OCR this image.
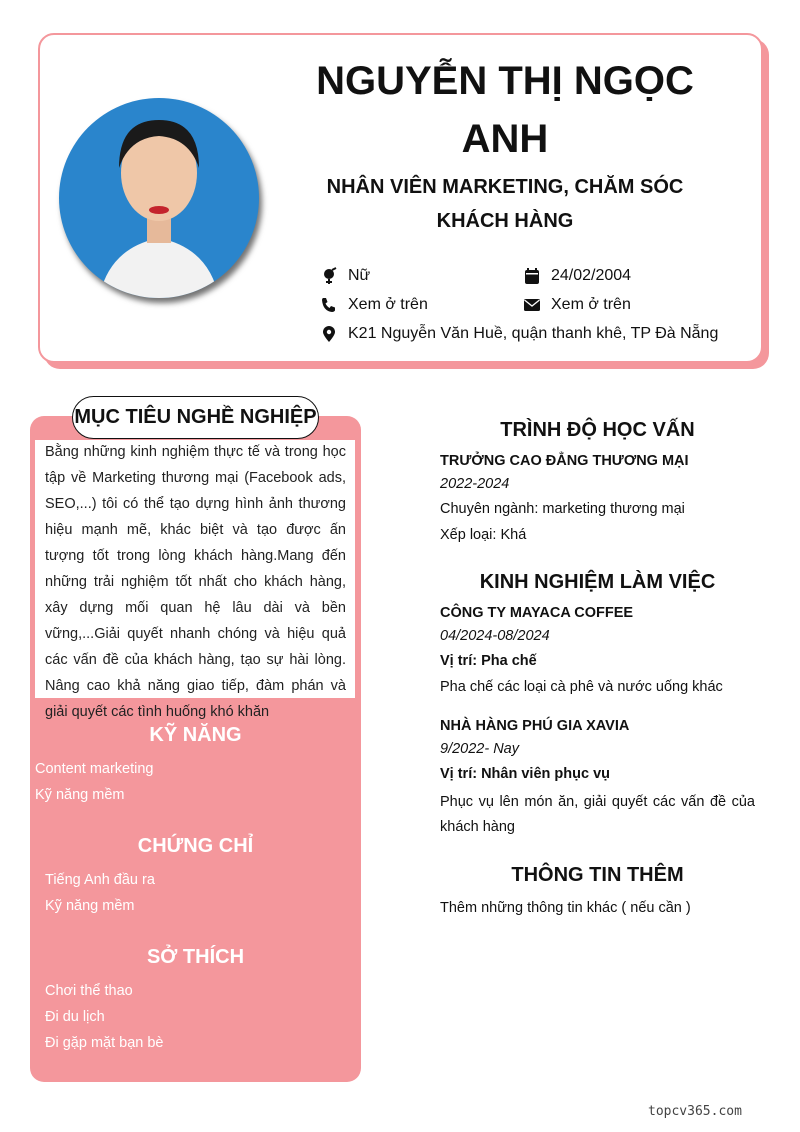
NGUYỄN THỊ NGỌC ANH
NHÂN VIÊN MARKETING, CHĂM SÓC KHÁCH HÀNG
Nữ	24/02/2004
Xem ở trên	Xem ở trên
K21 Nguyễn Văn Huề, quận thanh khê, TP Đà Nẵng
Bằng những kinh nghiệm thực tế và trong học tập về Marketing thương mại (Facebook ads, SEO,...) tôi có thể tạo dựng hình ảnh thương hiệu mạnh mẽ, khác biệt và tạo được ấn tượng tốt trong lòng khách hàng.Mang đến những trải nghiệm tốt nhất cho khách hàng, xây dựng mối quan hệ lâu dài và bền vững,...Giải quyết nhanh chóng và hiệu quả các vấn đề của khách hàng, tạo sự hài lòng. Nâng cao khả năng giao tiếp, đàm phán và giải quyết các tình huống khó khăn
MỤC TIÊU NGHỀ NGHIỆP
KỸ NĂNG
Content marketing
Kỹ năng mềm
CHỨNG CHỈ
Tiếng Anh đầu ra
Kỹ năng mềm
SỞ THÍCH
Chơi thể thao
Đi du lịch
Đi gặp mặt bạn bè
TRÌNH ĐỘ HỌC VẤN
TRƯỞNG CAO ĐẲNG THƯƠNG MẠI
2022-2024
Chuyên ngành: marketing thương mại
Xếp loại: Khá
KINH NGHIỆM LÀM VIỆC
CÔNG TY MAYACA COFFEE
04/2024-08/2024
Vị trí: Pha chế
Pha chế các loại cà phê và nước uống khác
NHÀ HÀNG PHÚ GIA XAVIA
9/2022- Nay
Vị trí: Nhân viên phục vụ
Phục vụ lên món ăn, giải quyết các vấn đề của khách hàng
THÔNG TIN THÊM
Thêm những thông tin khác ( nếu cần )
topcv365.com
